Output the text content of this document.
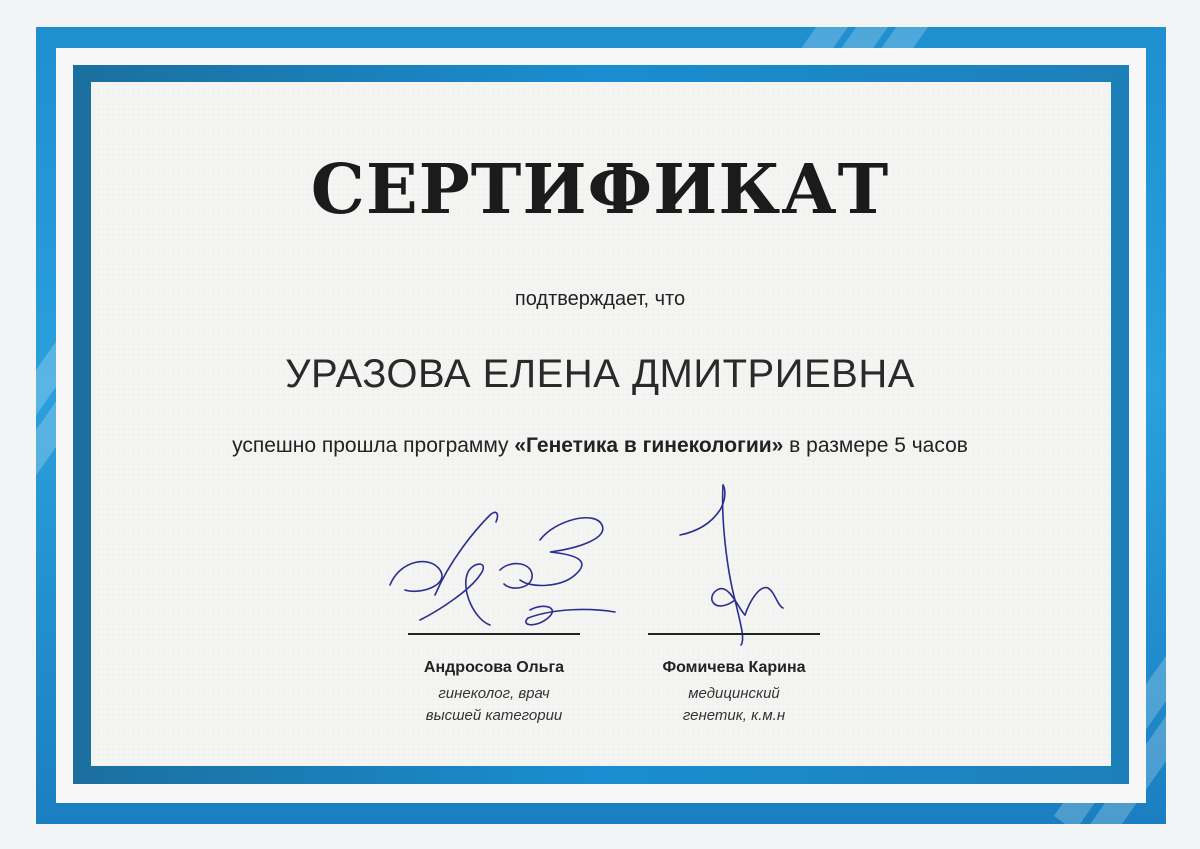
СЕРТИФИКАТ
подтверждает, что
УРАЗОВА ЕЛЕНА ДМИТРИЕВНА
успешно прошла программу «Генетика в гинекологии» в размере 5 часов
Андросова Ольга
гинеколог, врач
высшей категории
Фомичева Карина
медицинский
генетик, к.м.н
